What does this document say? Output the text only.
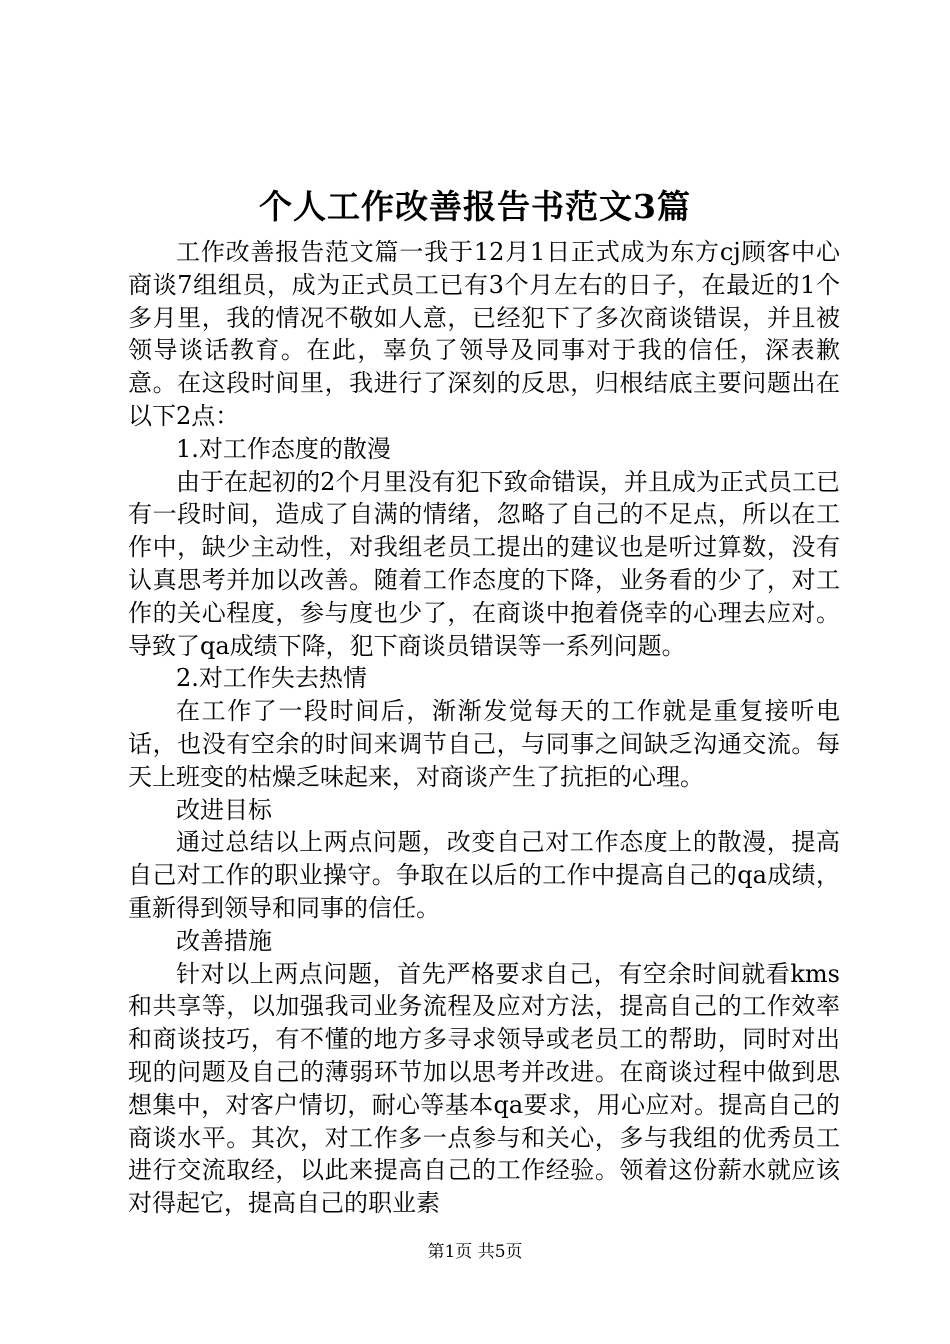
个人工作改善报告书范文3篇

工作改善报告范文篇一我于12月1日正式成为东方cj顾客中心商谈7组组员，成为正式员工已有3个月左右的日子，在最近的1个多月里，我的情况不敬如人意，已经犯下了多次商谈错误，并且被领导谈话教育。在此，辜负了领导及同事对于我的信任，深表歉意。在这段时间里，我进行了深刻的反思，归根结底主要问题出在以下2点：

1.对工作态度的散漫

由于在起初的2个月里没有犯下致命错误，并且成为正式员工已有一段时间，造成了自满的情绪，忽略了自己的不足点，所以在工作中，缺少主动性，对我组老员工提出的建议也是听过算数，没有认真思考并加以改善。随着工作态度的下降，业务看的少了，对工作的关心程度，参与度也少了，在商谈中抱着侥幸的心理去应对。导致了qa成绩下降，犯下商谈员错误等一系列问题。

2.对工作失去热情

在工作了一段时间后，渐渐发觉每天的工作就是重复接听电话，也没有空余的时间来调节自己，与同事之间缺乏沟通交流。每天上班变的枯燥乏味起来，对商谈产生了抗拒的心理。

改进目标

通过总结以上两点问题，改变自己对工作态度上的散漫，提高自己对工作的职业操守。争取在以后的工作中提高自己的qa成绩，重新得到领导和同事的信任。

改善措施

针对以上两点问题，首先严格要求自己，有空余时间就看kms和共享等，以加强我司业务流程及应对方法，提高自己的工作效率和商谈技巧，有不懂的地方多寻求领导或老员工的帮助，同时对出现的问题及自己的薄弱环节加以思考并改进。在商谈过程中做到思想集中，对客户情切，耐心等基本qa要求，用心应对。提高自己的商谈水平。其次，对工作多一点参与和关心，多与我组的优秀员工进行交流取经，以此来提高自己的工作经验。领着这份薪水就应该对得起它，提高自己的职业素

第1页 共5页
